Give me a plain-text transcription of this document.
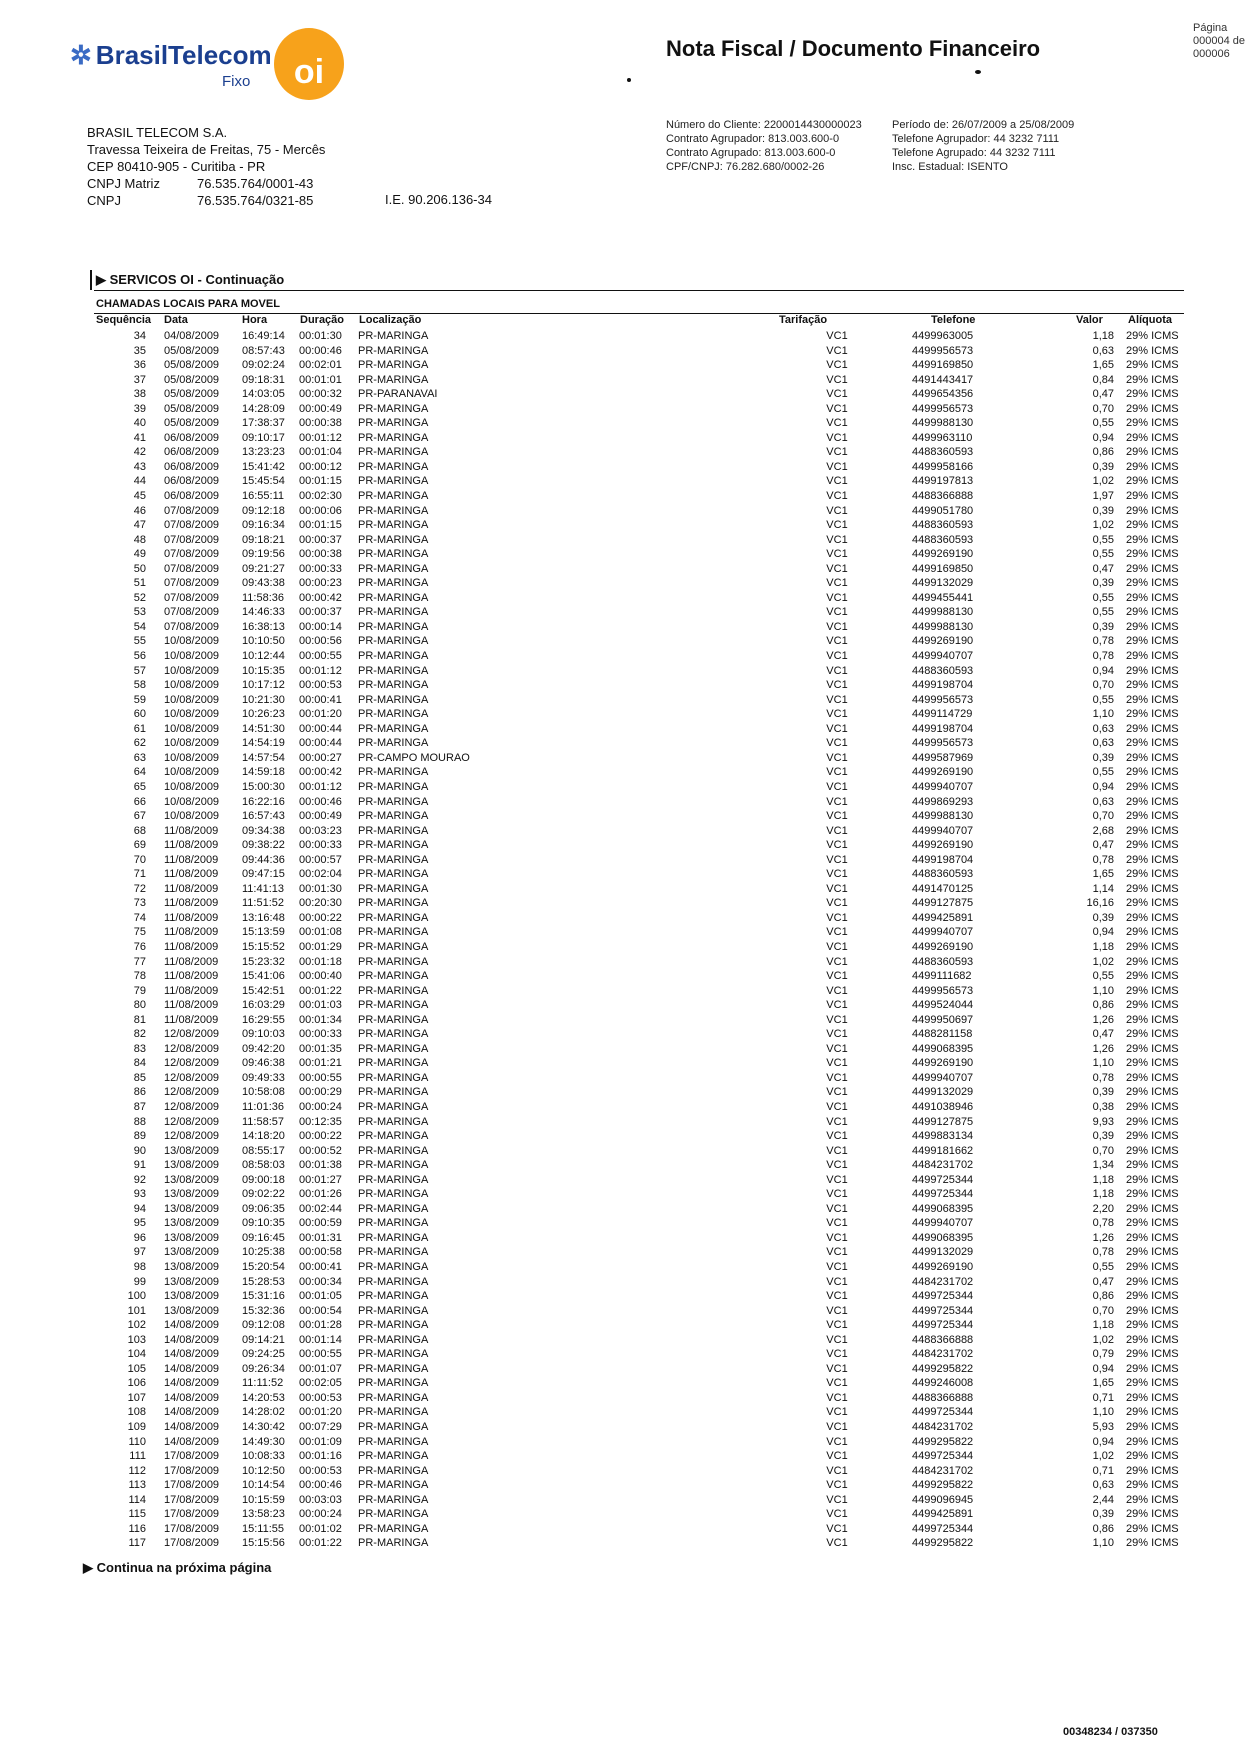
✲ BrasilTelecom
Fixo	oi
Nota Fiscal / Documento Financeiro
Página
000004 de
000006
BRASIL TELECOM S.A.
Travessa Teixeira de Freitas, 75 - Mercês
CEP 80410-905 - Curitiba - PR
CNPJ Matriz	76.535.764/0001-43
CNPJ	76.535.764/0321-85	I.E. 90.206.136-34
Número do Cliente: 2200014430000023
Contrato Agrupador: 813.003.600-0
Contrato Agrupado: 813.003.600-0
CPF/CNPJ: 76.282.680/0002-26
Período de: 26/07/2009 a 25/08/2009
Telefone Agrupador: 44 3232 7111
Telefone Agrupado: 44 3232 7111
Insc. Estadual: ISENTO
▶ SERVICOS OI - Continuação
CHAMADAS LOCAIS PARA MOVEL
Sequência Data	Hora	Duração Localização	Tarifação	Telefone	Valor Alíquota
34 04/08/2009 16:49:14 00:01:30 PR-MARINGA	VC1	4499963005	1,18 29% ICMS
35 05/08/2009 08:57:43 00:00:46 PR-MARINGA	VC1	4499956573	0,63 29% ICMS
36 05/08/2009 09:02:24 00:02:01 PR-MARINGA	VC1	4499169850	1,65 29% ICMS
37 05/08/2009 09:18:31 00:01:01 PR-MARINGA	VC1	4491443417	0,84 29% ICMS
38 05/08/2009 14:03:05 00:00:32 PR-PARANAVAI	VC1	4499654356	0,47 29% ICMS
39 05/08/2009 14:28:09 00:00:49 PR-MARINGA	VC1	4499956573	0,70 29% ICMS
40 05/08/2009 17:38:37 00:00:38 PR-MARINGA	VC1	4499988130	0,55 29% ICMS
41 06/08/2009 09:10:17 00:01:12 PR-MARINGA	VC1	4499963110	0,94 29% ICMS
42 06/08/2009 13:23:23 00:01:04 PR-MARINGA	VC1	4488360593	0,86 29% ICMS
43 06/08/2009 15:41:42 00:00:12 PR-MARINGA	VC1	4499958166	0,39 29% ICMS
44 06/08/2009 15:45:54 00:01:15 PR-MARINGA	VC1	4499197813	1,02 29% ICMS
45 06/08/2009 16:55:11 00:02:30 PR-MARINGA	VC1	4488366888	1,97 29% ICMS
46 07/08/2009 09:12:18 00:00:06 PR-MARINGA	VC1	4499051780	0,39 29% ICMS
47 07/08/2009 09:16:34 00:01:15 PR-MARINGA	VC1	4488360593	1,02 29% ICMS
48 07/08/2009 09:18:21 00:00:37 PR-MARINGA	VC1	4488360593	0,55 29% ICMS
49 07/08/2009 09:19:56 00:00:38 PR-MARINGA	VC1	4499269190	0,55 29% ICMS
50 07/08/2009 09:21:27 00:00:33 PR-MARINGA	VC1	4499169850	0,47 29% ICMS
51 07/08/2009 09:43:38 00:00:23 PR-MARINGA	VC1	4499132029	0,39 29% ICMS
52 07/08/2009 11:58:36 00:00:42 PR-MARINGA	VC1	4499455441	0,55 29% ICMS
53 07/08/2009 14:46:33 00:00:37 PR-MARINGA	VC1	4499988130	0,55 29% ICMS
54 07/08/2009 16:38:13 00:00:14 PR-MARINGA	VC1	4499988130	0,39 29% ICMS
55 10/08/2009 10:10:50 00:00:56 PR-MARINGA	VC1	4499269190	0,78 29% ICMS
56 10/08/2009 10:12:44 00:00:55 PR-MARINGA	VC1	4499940707	0,78 29% ICMS
57 10/08/2009 10:15:35 00:01:12 PR-MARINGA	VC1	4488360593	0,94 29% ICMS
58 10/08/2009 10:17:12 00:00:53 PR-MARINGA	VC1	4499198704	0,70 29% ICMS
59 10/08/2009 10:21:30 00:00:41 PR-MARINGA	VC1	4499956573	0,55 29% ICMS
60 10/08/2009 10:26:23 00:01:20 PR-MARINGA	VC1	4499114729	1,10 29% ICMS
61 10/08/2009 14:51:30 00:00:44 PR-MARINGA	VC1	4499198704	0,63 29% ICMS
62 10/08/2009 14:54:19 00:00:44 PR-MARINGA	VC1	4499956573	0,63 29% ICMS
63 10/08/2009 14:57:54 00:00:27 PR-CAMPO MOURAO	VC1	4499587969	0,39 29% ICMS
64 10/08/2009 14:59:18 00:00:42 PR-MARINGA	VC1	4499269190	0,55 29% ICMS
65 10/08/2009 15:00:30 00:01:12 PR-MARINGA	VC1	4499940707	0,94 29% ICMS
66 10/08/2009 16:22:16 00:00:46 PR-MARINGA	VC1	4499869293	0,63 29% ICMS
67 10/08/2009 16:57:43 00:00:49 PR-MARINGA	VC1	4499988130	0,70 29% ICMS
68 11/08/2009 09:34:38 00:03:23 PR-MARINGA	VC1	4499940707	2,68 29% ICMS
69 11/08/2009 09:38:22 00:00:33 PR-MARINGA	VC1	4499269190	0,47 29% ICMS
70 11/08/2009 09:44:36 00:00:57 PR-MARINGA	VC1	4499198704	0,78 29% ICMS
71 11/08/2009 09:47:15 00:02:04 PR-MARINGA	VC1	4488360593	1,65 29% ICMS
72 11/08/2009 11:41:13 00:01:30 PR-MARINGA	VC1	4491470125	1,14 29% ICMS
73 11/08/2009 11:51:52 00:20:30 PR-MARINGA	VC1	4499127875	16,16 29% ICMS
74 11/08/2009 13:16:48 00:00:22 PR-MARINGA	VC1	4499425891	0,39 29% ICMS
75 11/08/2009 15:13:59 00:01:08 PR-MARINGA	VC1	4499940707	0,94 29% ICMS
76 11/08/2009 15:15:52 00:01:29 PR-MARINGA	VC1	4499269190	1,18 29% ICMS
77 11/08/2009 15:23:32 00:01:18 PR-MARINGA	VC1	4488360593	1,02 29% ICMS
78 11/08/2009 15:41:06 00:00:40 PR-MARINGA	VC1	4499111682	0,55 29% ICMS
79 11/08/2009 15:42:51 00:01:22 PR-MARINGA	VC1	4499956573	1,10 29% ICMS
80 11/08/2009 16:03:29 00:01:03 PR-MARINGA	VC1	4499524044	0,86 29% ICMS
81 11/08/2009 16:29:55 00:01:34 PR-MARINGA	VC1	4499950697	1,26 29% ICMS
82 12/08/2009 09:10:03 00:00:33 PR-MARINGA	VC1	4488281158	0,47 29% ICMS
83 12/08/2009 09:42:20 00:01:35 PR-MARINGA	VC1	4499068395	1,26 29% ICMS
84 12/08/2009 09:46:38 00:01:21 PR-MARINGA	VC1	4499269190	1,10 29% ICMS
85 12/08/2009 09:49:33 00:00:55 PR-MARINGA	VC1	4499940707	0,78 29% ICMS
86 12/08/2009 10:58:08 00:00:29 PR-MARINGA	VC1	4499132029	0,39 29% ICMS
87 12/08/2009 11:01:36 00:00:24 PR-MARINGA	VC1	4491038946	0,38 29% ICMS
88 12/08/2009 11:58:57 00:12:35 PR-MARINGA	VC1	4499127875	9,93 29% ICMS
89 12/08/2009 14:18:20 00:00:22 PR-MARINGA	VC1	4499883134	0,39 29% ICMS
90 13/08/2009 08:55:17 00:00:52 PR-MARINGA	VC1	4499181662	0,70 29% ICMS
91 13/08/2009 08:58:03 00:01:38 PR-MARINGA	VC1	4484231702	1,34 29% ICMS
92 13/08/2009 09:00:18 00:01:27 PR-MARINGA	VC1	4499725344	1,18 29% ICMS
93 13/08/2009 09:02:22 00:01:26 PR-MARINGA	VC1	4499725344	1,18 29% ICMS
94 13/08/2009 09:06:35 00:02:44 PR-MARINGA	VC1	4499068395	2,20 29% ICMS
95 13/08/2009 09:10:35 00:00:59 PR-MARINGA	VC1	4499940707	0,78 29% ICMS
96 13/08/2009 09:16:45 00:01:31 PR-MARINGA	VC1	4499068395	1,26 29% ICMS
97 13/08/2009 10:25:38 00:00:58 PR-MARINGA	VC1	4499132029	0,78 29% ICMS
98 13/08/2009 15:20:54 00:00:41 PR-MARINGA	VC1	4499269190	0,55 29% ICMS
99 13/08/2009 15:28:53 00:00:34 PR-MARINGA	VC1	4484231702	0,47 29% ICMS
100 13/08/2009 15:31:16 00:01:05 PR-MARINGA	VC1	4499725344	0,86 29% ICMS
101 13/08/2009 15:32:36 00:00:54 PR-MARINGA	VC1	4499725344	0,70 29% ICMS
102 14/08/2009 09:12:08 00:01:28 PR-MARINGA	VC1	4499725344	1,18 29% ICMS
103 14/08/2009 09:14:21 00:01:14 PR-MARINGA	VC1	4488366888	1,02 29% ICMS
104 14/08/2009 09:24:25 00:00:55 PR-MARINGA	VC1	4484231702	0,79 29% ICMS
105 14/08/2009 09:26:34 00:01:07 PR-MARINGA	VC1	4499295822	0,94 29% ICMS
106 14/08/2009 11:11:52 00:02:05 PR-MARINGA	VC1	4499246008	1,65 29% ICMS
107 14/08/2009 14:20:53 00:00:53 PR-MARINGA	VC1	4488366888	0,71 29% ICMS
108 14/08/2009 14:28:02 00:01:20 PR-MARINGA	VC1	4499725344	1,10 29% ICMS
109 14/08/2009 14:30:42 00:07:29 PR-MARINGA	VC1	4484231702	5,93 29% ICMS
110 14/08/2009 14:49:30 00:01:09 PR-MARINGA	VC1	4499295822	0,94 29% ICMS
111 17/08/2009 10:08:33 00:01:16 PR-MARINGA	VC1	4499725344	1,02 29% ICMS
112 17/08/2009 10:12:50 00:00:53 PR-MARINGA	VC1	4484231702	0,71 29% ICMS
113 17/08/2009 10:14:54 00:00:46 PR-MARINGA	VC1	4499295822	0,63 29% ICMS
114 17/08/2009 10:15:59 00:03:03 PR-MARINGA	VC1	4499096945	2,44 29% ICMS
115 17/08/2009 13:58:23 00:00:24 PR-MARINGA	VC1	4499425891	0,39 29% ICMS
116 17/08/2009 15:11:55 00:01:02 PR-MARINGA	VC1	4499725344	0,86 29% ICMS
117 17/08/2009 15:15:56 00:01:22 PR-MARINGA	VC1	4499295822	1,10 29% ICMS
▶ Continua na próxima página
00348234 / 037350
